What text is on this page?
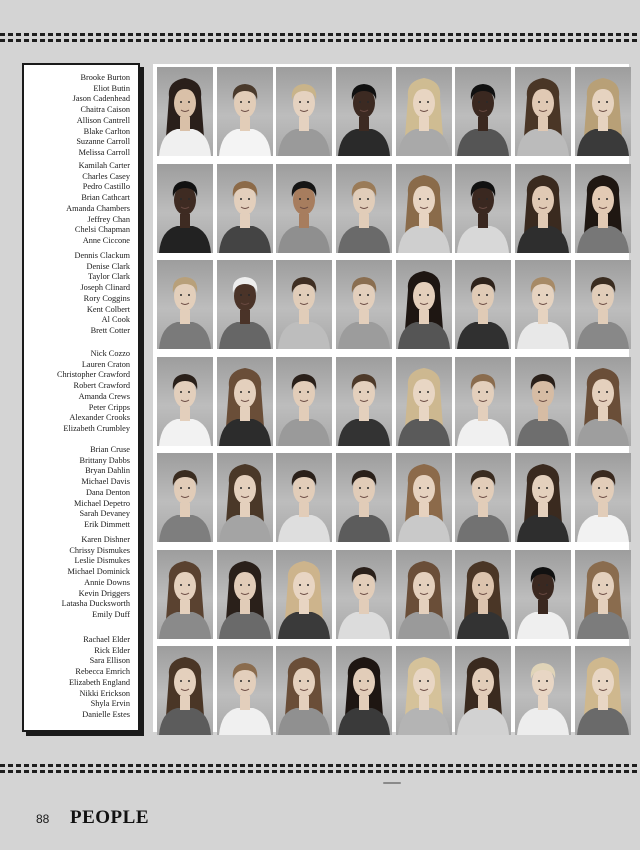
Brooke Burton
Eliot Butin
Jason Cadenhead
Chaitra Caison
Allison Cantrell
Blake Carlton
Suzanne Carroll
Melissa Carroll
Kamilah Carter
Charles Casey
Pedro Castillo
Brian Cathcart
Amanda Chambers
Jeffrey Chan
Chelsi Chapman
Anne Ciccone
Dennis Clackum
Denise Clark
Taylor Clark
Joseph Clinard
Rory Coggins
Kent Colbert
Al Cook
Brett Cotter
Nick Cozzo
Lauren Craton
Christopher Crawford
Robert Crawford
Amanda Crews
Peter Cripps
Alexander Crooks
Elizabeth Crumbley
Brian Cruse
Brittany Dabbs
Bryan Dahlin
Michael Davis
Dana Denton
Michael Depetro
Sarah Devaney
Erik Dimmett
Karen Dishner
Chrissy Dismukes
Leslie Dismukes
Michael Dominick
Annie Downs
Kevin Driggers
Latasha Ducksworth
Emily Duff
Rachael Elder
Rick Elder
Sara Ellison
Rebecca Emrich
Elizabeth England
Nikki Erickson
Shyla Ervin
Danielle Estes
88 PEOPLE
